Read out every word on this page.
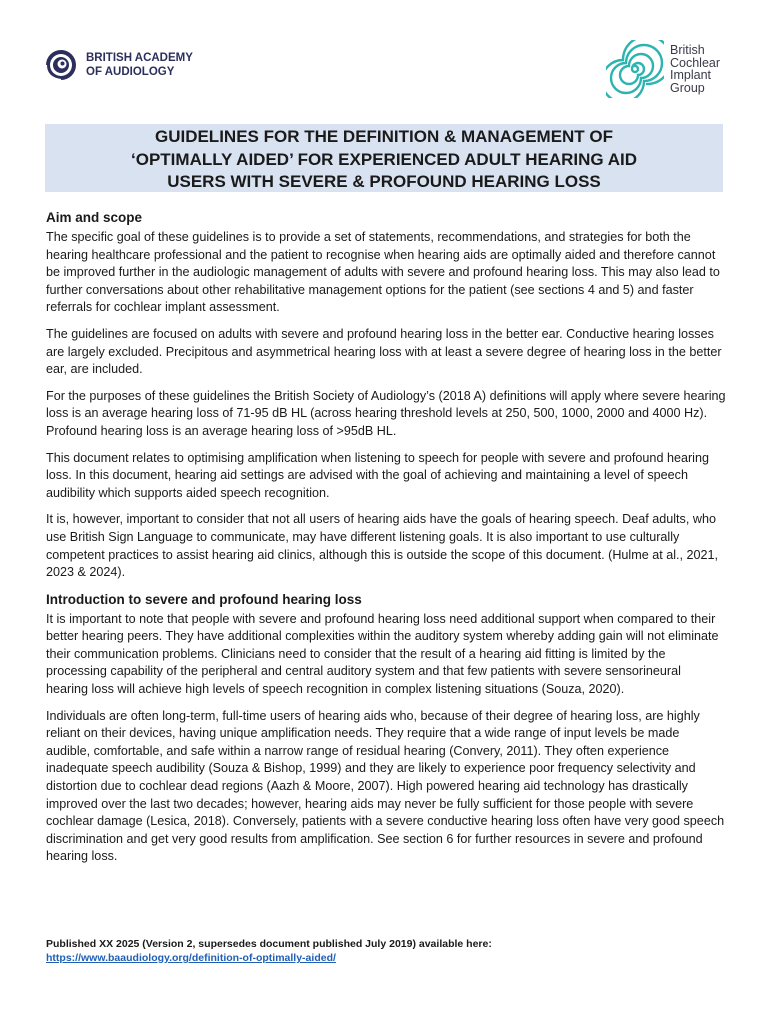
BRITISH ACADEMY
OF AUDIOLOGY
British
Cochlear
Implant
Group
GUIDELINES FOR THE DEFINITION & MANAGEMENT OF
‘OPTIMALLY AIDED’ FOR EXPERIENCED ADULT HEARING AID
USERS WITH SEVERE & PROFOUND HEARING LOSS
Aim and scope

The specific goal of these guidelines is to provide a set of statements, recommendations, and strategies for both the hearing healthcare professional and the patient to recognise when hearing aids are optimally aided and therefore cannot be improved further in the audiologic management of adults with severe and profound hearing loss. This may also lead to further conversations about other rehabilitative management options for the patient (see sections 4 and 5) and faster referrals for cochlear implant assessment.

The guidelines are focused on adults with severe and profound hearing loss in the better ear. Conductive hearing losses are largely excluded. Precipitous and asymmetrical hearing loss with at least a severe degree of hearing loss in the better ear, are included.

For the purposes of these guidelines the British Society of Audiology’s (2018 A) definitions will apply where severe hearing loss is an average hearing loss of 71-95 dB HL (across hearing threshold levels at 250, 500, 1000, 2000 and 4000 Hz). Profound hearing loss is an average hearing loss of >95dB HL.

This document relates to optimising amplification when listening to speech for people with severe and profound hearing loss. In this document, hearing aid settings are advised with the goal of achieving and maintaining a level of speech audibility which supports aided speech recognition.

It is, however, important to consider that not all users of hearing aids have the goals of hearing speech. Deaf adults, who use British Sign Language to communicate, may have different listening goals. It is also important to use culturally competent practices to assist hearing aid clinics, although this is outside the scope of this document. (Hulme at al., 2021, 2023 & 2024).

Introduction to severe and profound hearing loss

It is important to note that people with severe and profound hearing loss need additional support when compared to their better hearing peers. They have additional complexities within the auditory system whereby adding gain will not eliminate their communication problems. Clinicians need to consider that the result of a hearing aid fitting is limited by the processing capability of the peripheral and central auditory system and that few patients with severe sensorineural hearing loss will achieve high levels of speech recognition in complex listening situations (Souza, 2020).

Individuals are often long-term, full-time users of hearing aids who, because of their degree of hearing loss, are highly reliant on their devices, having unique amplification needs. They require that a wide range of input levels be made audible, comfortable, and safe within a narrow range of residual hearing (Convery, 2011). They often experience inadequate speech audibility (Souza & Bishop, 1999) and they are likely to experience poor frequency selectivity and distortion due to cochlear dead regions (Aazh & Moore, 2007). High powered hearing aid technology has drastically improved over the last two decades; however, hearing aids may never be fully sufficient for those people with severe cochlear damage (Lesica, 2018). Conversely, patients with a severe conductive hearing loss often have very good speech discrimination and get very good results from amplification. See section 6 for further resources in severe and profound hearing loss.

Published XX 2025 (Version 2, supersedes document published July 2019) available here:
https://www.baaudiology.org/definition-of-optimally-aided/
